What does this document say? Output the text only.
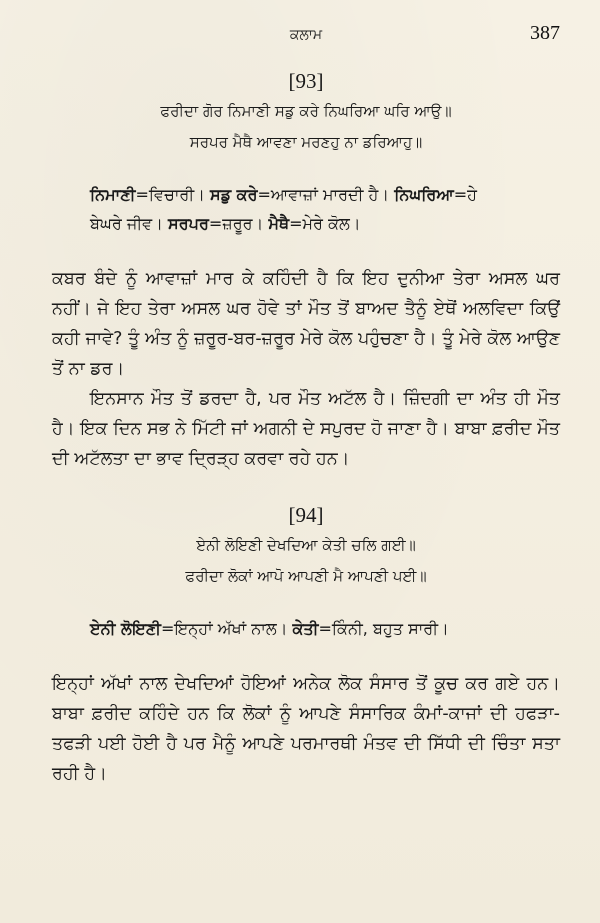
ਕਲਾਮ	387

[93]

ਫਰੀਦਾ ਗੋਰ ਨਿਮਾਣੀ ਸਡੁ ਕਰੇ ਨਿਘਰਿਆ ਘਰਿ ਆਉ॥

ਸਰਪਰ ਮੈਥੈ ਆਵਣਾ ਮਰਣਹੁ ਨਾ ਡਰਿਆਹੁ॥

ਨਿਮਾਣੀ=ਵਿਚਾਰੀ। ਸਡੁ ਕਰੇ=ਆਵਾਜ਼ਾਂ ਮਾਰਦੀ ਹੈ। ਨਿਘਰਿਆ=ਹੇ
ਬੇਘਰੇ ਜੀਵ। ਸਰਪਰ=ਜ਼ਰੂਰ। ਮੈਥੈ=ਮੇਰੇ ਕੋਲ।

ਕਬਰ ਬੰਦੇ ਨੂੰ ਆਵਾਜ਼ਾਂ ਮਾਰ ਕੇ ਕਹਿੰਦੀ ਹੈ ਕਿ ਇਹ ਦੁਨੀਆ ਤੇਰਾ ਅਸਲ ਘਰ ਨਹੀਂ। ਜੇ ਇਹ ਤੇਰਾ ਅਸਲ ਘਰ ਹੋਵੇ ਤਾਂ ਮੌਤ ਤੋਂ ਬਾਅਦ ਤੈਨੂੰ ਏਥੋਂ ਅਲਵਿਦਾ ਕਿਉਂ ਕਹੀ ਜਾਵੇ? ਤੂੰ ਅੰਤ ਨੂੰ ਜ਼ਰੂਰ-ਬਰ-ਜ਼ਰੂਰ ਮੇਰੇ ਕੋਲ ਪਹੁੰਚਣਾ ਹੈ। ਤੂੰ ਮੇਰੇ ਕੋਲ ਆਉਣ ਤੋਂ ਨਾ ਡਰ।

ਇਨਸਾਨ ਮੌਤ ਤੋਂ ਡਰਦਾ ਹੈ, ਪਰ ਮੌਤ ਅਟੱਲ ਹੈ। ਜ਼ਿੰਦਗੀ ਦਾ ਅੰਤ ਹੀ ਮੌਤ ਹੈ। ਇਕ ਦਿਨ ਸਭ ਨੇ ਮਿੱਟੀ ਜਾਂ ਅਗਨੀ ਦੇ ਸਪੁਰਦ ਹੋ ਜਾਣਾ ਹੈ। ਬਾਬਾ ਫ਼ਰੀਦ ਮੌਤ ਦੀ ਅਟੱਲਤਾ ਦਾ ਭਾਵ ਦ੍ਰਿੜ੍ਹ ਕਰਵਾ ਰਹੇ ਹਨ।

[94]

ਏਨੀ ਲੋਇਣੀ ਦੇਖਦਿਆ ਕੇਤੀ ਚਲਿ ਗਈ॥

ਫਰੀਦਾ ਲੋਕਾਂ ਆਪੋ ਆਪਣੀ ਮੈ ਆਪਣੀ ਪਈ॥

ਏਨੀ ਲੋਇਣੀ=ਇਨ੍ਹਾਂ ਅੱਖਾਂ ਨਾਲ। ਕੇਤੀ=ਕਿੰਨੀ, ਬਹੁਤ ਸਾਰੀ।

ਇਨ੍ਹਾਂ ਅੱਖਾਂ ਨਾਲ ਦੇਖਦਿਆਂ ਹੋਇਆਂ ਅਨੇਕ ਲੋਕ ਸੰਸਾਰ ਤੋਂ ਕੂਚ ਕਰ ਗਏ ਹਨ। ਬਾਬਾ ਫ਼ਰੀਦ ਕਹਿੰਦੇ ਹਨ ਕਿ ਲੋਕਾਂ ਨੂੰ ਆਪਣੇ ਸੰਸਾਰਿਕ ਕੰਮਾਂ-ਕਾਜਾਂ ਦੀ ਹਫੜਾ-ਤਫੜੀ ਪਈ ਹੋਈ ਹੈ ਪਰ ਮੈਨੂੰ ਆਪਣੇ ਪਰਮਾਰਥੀ ਮੰਤਵ ਦੀ ਸਿੱਧੀ ਦੀ ਚਿੰਤਾ ਸਤਾ ਰਹੀ ਹੈ।
